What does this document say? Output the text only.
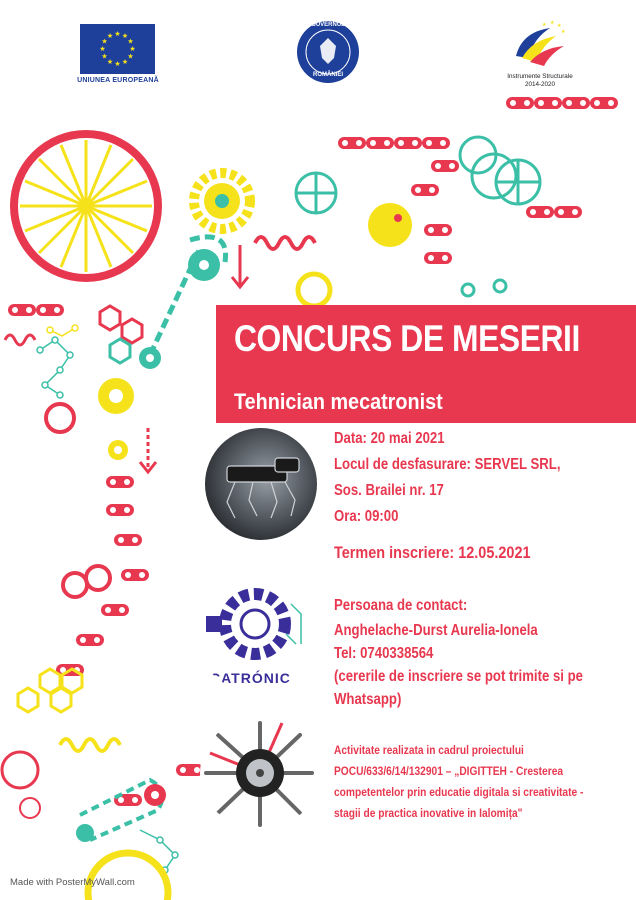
★ ★
★
★
★
★
★
★
★
★
★
★
UNIUNEA EUROPEANĂ
GUVERNUL
ROMÂNIEI
★ ★ ★
★
Instrumente Structurale
2014-2020
CONCURS DE MESERII
Tehnician mecatronist
Data: 20 mai 2021
Locul de desfasurare: SERVEL SRL,
Sos. Brailei nr. 17
Ora: 09:00
Termen inscriere: 12.05.2021
CATRÓNIC
Persoana de contact:
Anghelache-Durst Aurelia-Ionela
Tel: 0740338564
(cererile de inscriere se pot trimite si pe
Whatsapp)
Activitate realizata in cadrul proiectului
POCU/633/6/14/132901 – „DIGITTEH - Cresterea
competentelor prin educatie digitala si creativitate -
stagii de practica inovative in Ialomița"
Made with PosterMyWall.com
